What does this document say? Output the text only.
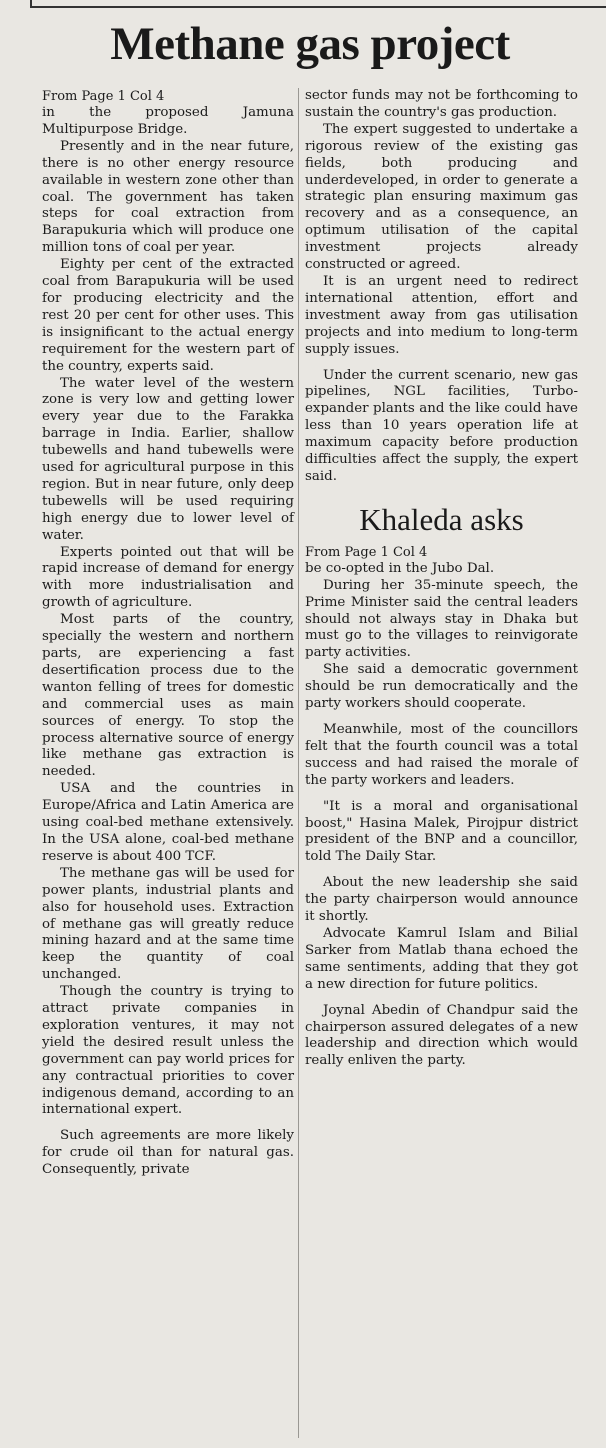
Methane gas project

From Page 1 Col 4

in the proposed Jamuna Multipurpose Bridge.

Presently and in the near future, there is no other energy resource available in western zone other than coal. The government has taken steps for coal extraction from Barapukuria which will produce one million tons of coal per year.

Eighty per cent of the extracted coal from Barapukuria will be used for producing electricity and the rest 20 per cent for other uses. This is insignificant to the actual energy requirement for the western part of the country, experts said.

The water level of the western zone is very low and getting lower every year due to the Farakka barrage in India. Earlier, shallow tubewells and hand tubewells were used for agricultural purpose in this region. But in near future, only deep tubewells will be used requiring high energy due to lower level of water.

Experts pointed out that will be rapid increase of demand for energy with more industrialisation and growth of agriculture.

Most parts of the country, specially the western and northern parts, are experiencing a fast desertification process due to the wanton felling of trees for domestic and commercial uses as main sources of energy. To stop the process alternative source of energy like methane gas extraction is needed.

USA and the countries in Europe/Africa and Latin America are using coal-bed methane extensively. In the USA alone, coal-bed methane reserve is about 400 TCF.

The methane gas will be used for power plants, industrial plants and also for household uses. Extraction of methane gas will greatly reduce mining hazard and at the same time keep the quantity of coal unchanged.

Though the country is trying to attract private companies in exploration ventures, it may not yield the desired result unless the government can pay world prices for any contractual priorities to cover indigenous demand, according to an international expert.

Such agreements are more likely for crude oil than for natural gas. Consequently, private

sector funds may not be forthcoming to sustain the country's gas production.

The expert suggested to undertake a rigorous review of the existing gas fields, both producing and underdeveloped, in order to generate a strategic plan ensuring maximum gas recovery and as a consequence, an optimum utilisation of the capital investment projects already constructed or agreed.

It is an urgent need to redirect international attention, effort and investment away from gas utilisation projects and into medium to long-term supply issues.

Under the current scenario, new gas pipelines, NGL facilities, Turbo-expander plants and the like could have less than 10 years operation life at maximum capacity before production difficulties affect the supply, the expert said.

Khaleda asks

From Page 1 Col 4

be co-opted in the Jubo Dal.

During her 35-minute speech, the Prime Minister said the central leaders should not always stay in Dhaka but must go to the villages to reinvigorate party activities.

She said a democratic government should be run democratically and the party workers should cooperate.

Meanwhile, most of the councillors felt that the fourth council was a total success and had raised the morale of the party workers and leaders.

"It is a moral and organisational boost," Hasina Malek, Pirojpur district president of the BNP and a councillor, told The Daily Star.

About the new leadership she said the party chairperson would announce it shortly.

Advocate Kamrul Islam and Bilial Sarker from Matlab thana echoed the same sentiments, adding that they got a new direction for future politics.

Joynal Abedin of Chandpur said the chairperson assured delegates of a new leadership and direction which would really enliven the party.
